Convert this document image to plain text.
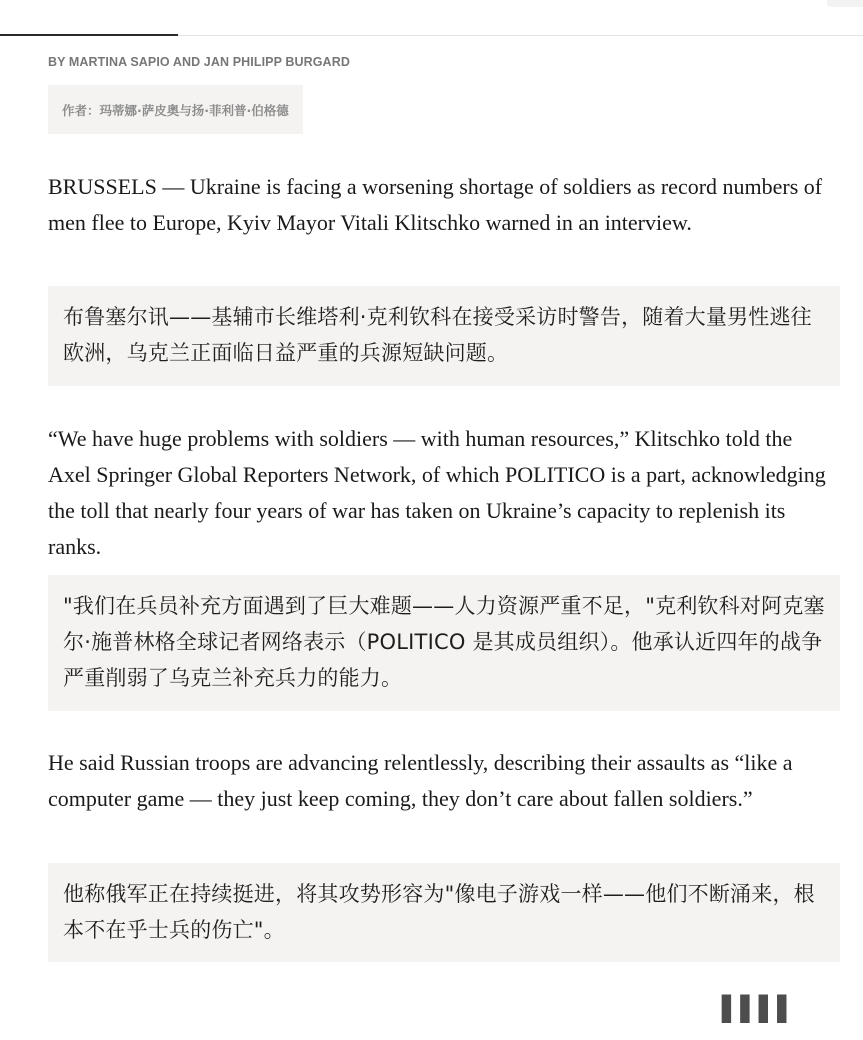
BY MARTINA SAPIO AND JAN PHILIPP BURGARD
作者：玛蒂娜·萨皮奥与扬·菲利普·伯格德

BRUSSELS — Ukraine is facing a worsening shortage of soldiers as record numbers of men flee to Europe, Kyiv Mayor Vitali Klitschko warned in an interview.

布鲁塞尔讯——基辅市长维塔利·克利钦科在接受采访时警告，随着大量男性逃往欧洲，乌克兰正面临日益严重的兵源短缺问题。

“We have huge problems with soldiers — with human resources,” Klitschko told the Axel Springer Global Reporters Network, of which POLITICO is a part, acknowledging the toll that nearly four years of war has taken on Ukraine’s capacity to replenish its ranks.

"我们在兵员补充方面遇到了巨大难题——人力资源严重不足，"克利钦科对阿克塞尔·施普林格全球记者网络表示（POLITICO 是其成员组织）。他承认近四年的战争严重削弱了乌克兰补充兵力的能力。

He said Russian troops are advancing relentlessly, describing their assaults as “like a computer game — they just keep coming, they don’t care about fallen soldiers.”

他称俄军正在持续挺进，将其攻势形容为"像电子游戏一样——他们不断涌来，根本不在乎士兵的伤亡"。
▌▌▌▌
